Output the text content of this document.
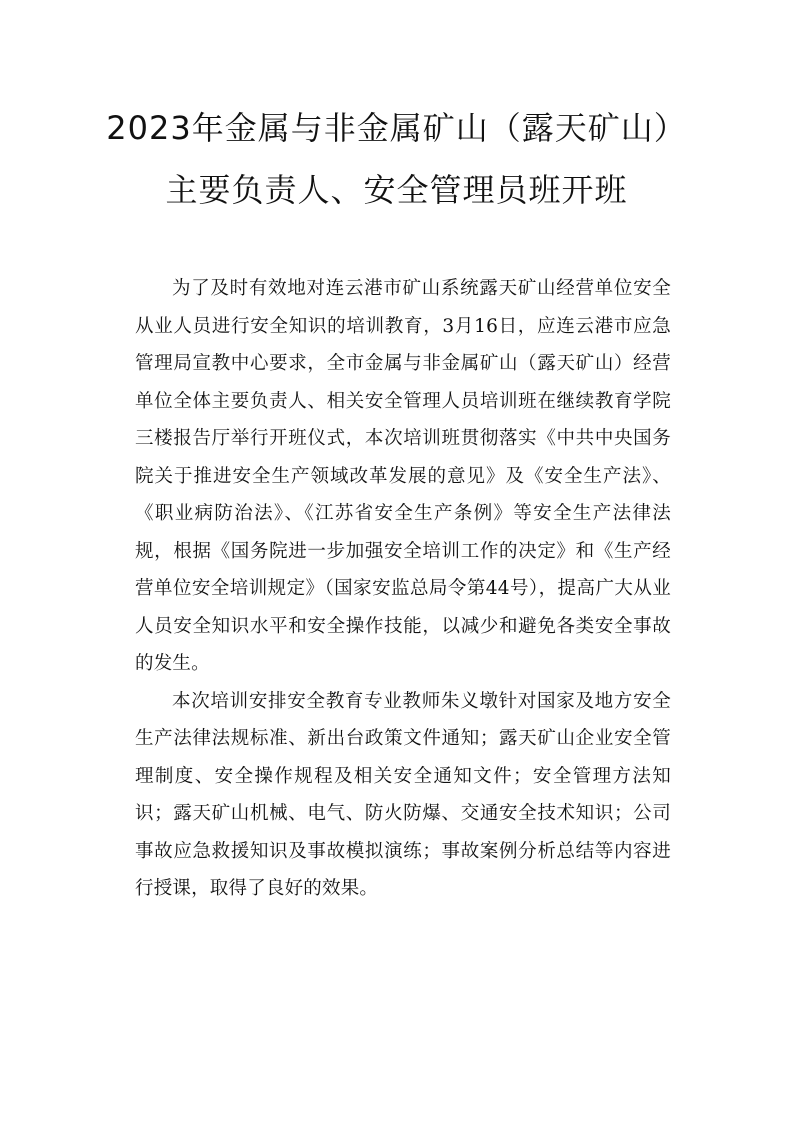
2023年金属与非金属矿山（露天矿山）
主要负责人、安全管理员班开班

为了及时有效地对连云港市矿山系统露天矿山经营单位安全从业人员进行安全知识的培训教育，3月16日，应连云港市应急管理局宣教中心要求，全市金属与非金属矿山（露天矿山）经营单位全体主要负责人、相关安全管理人员培训班在继续教育学院三楼报告厅举行开班仪式，本次培训班贯彻落实《中共中央国务院关于推进安全生产领域改革发展的意见》及《安全生产法》、《职业病防治法》、《江苏省安全生产条例》等安全生产法律法规，根据《国务院进一步加强安全培训工作的决定》和《生产经营单位安全培训规定》（国家安监总局令第44号），提高广大从业人员安全知识水平和安全操作技能，以减少和避免各类安全事故的发生。

本次培训安排安全教育专业教师朱义墩针对国家及地方安全生产法律法规标准、新出台政策文件通知；露天矿山企业安全管理制度、安全操作规程及相关安全通知文件；安全管理方法知识；露天矿山机械、电气、防火防爆、交通安全技术知识；公司事故应急救援知识及事故模拟演练；事故案例分析总结等内容进行授课，取得了良好的效果。
